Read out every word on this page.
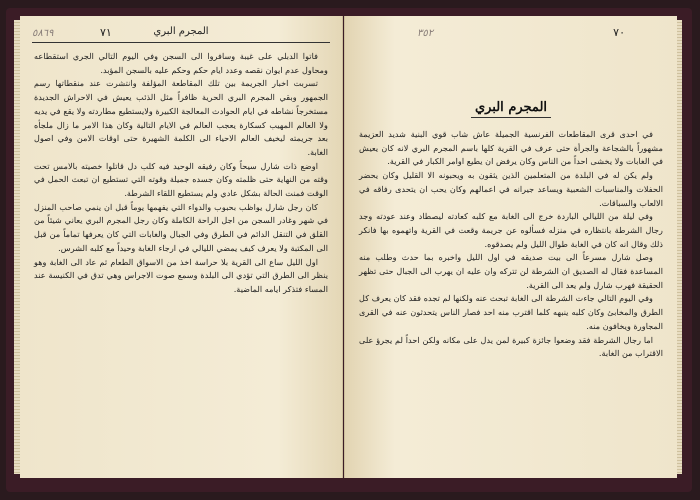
٥٨٦٩	٧١	المجرم البري

فاتوا الدبلي على غيبة وسافروا الى السجن وفي اليوم التالي الجري استقطاعه ومحاول عدم ايوان نقصه وعدد ايام حكم وحكم عليه بالسجن المؤبد.

تسربت اخبار الجريمة بين تلك المقاطعة المؤلفة وانتشرت عند منقطاتها رسم الجمهور وبقي المجرم البري الحرية ظافراً مثل الذئب يعيش في الاحراش الجديدة مستخرجاً نشاطه في ايام الحوادث المعالجة الكبيرة ولايستطيع مطاردته ولا يقع في يديه ولا العالم المهيب كسكارة يعجب العالم في الايام التالية وكان هذا الامر ما زال ملجأه بعد جريمته ليخيف العالم الاحياء الى الكلمة الشهيرة حتى اوقات الامن وفي اصول الغابة.

اوضع ذات شارل سيحاً وكان رفيقه الوحيد فيه كلب دل قاتلوا خصيته بالامس تحت وقته من النهاية حتى ظلمته وكان جسده جميلة وقوته التي تستطيع ان تبعث الحمل في الوقت فمنت الحالة بشكل عادي ولم يستطيع اللقاء الشرطة.

كان رجل شارل يواظب بحبوب والدواء التي يفهمها يوماً قبل ان ينمي صاحب المنزل في شهر وغادر السجن من اجل الراحة الكاملة وكان رجل المجرم البري يعاني شيئاً من القلق في التنقل الدائم في الطرق وفي الجبال والغابات التي كان يعرفها تماماً من قبل الى المكتبة ولا يعرف كيف يمضي الليالي في ارجاء الغابة وحيداً مع كلبه الشرس.

اول الليل ساع الى القرية بلا حراسة اخذ من الاسواق الطعام ثم عاد الى الغابة وهو ينظر الى الطرق التي تؤدي الى البلدة وسمع صوت الاجراس وهي تدق في الكنيسة عند المساء فتذكر ايامه الماضية.

٣٥٢	٧٠
المجرم البري

في احدى قرى المقاطعات الفرنسية الجميلة عاش شاب قوي البنية شديد العزيمة مشهوراً بالشجاعة والجرأة حتى عرف في القرية كلها باسم المجرم البري لانه كان يعيش في الغابات ولا يخشى احداً من الناس وكان يرفض ان يطيع اوامر الكبار في القرية.

ولم يكن له في البلدة من المتعلمين الذين يثقون به ويحبونه الا القليل وكان يحضر الحفلات والمناسبات الشعبية ويساعد جيرانه في اعمالهم وكان يحب ان يتحدى رفاقه في الالعاب والسباقات.

وفي ليلة من الليالي الباردة خرج الى الغابة مع كلبه كعادته ليصطاد وعند عودته وجد رجال الشرطة بانتظاره في منزله فسألوه عن جريمة وقعت في القرية واتهموه بها فانكر ذلك وقال انه كان في الغابة طوال الليل ولم يصدقوه.

وصل شارل مسرعاً الى بيت صديقه في اول الليل واخبره بما حدث وطلب منه المساعدة فقال له الصديق ان الشرطة لن تتركه وان عليه ان يهرب الى الجبال حتى تظهر الحقيقة فهرب شارل ولم يعد الى القرية.

وفي اليوم التالي جاءت الشرطة الى الغابة تبحث عنه ولكنها لم تجده فقد كان يعرف كل الطرق والمخابئ وكان كلبه ينبهه كلما اقترب منه احد فصار الناس يتحدثون عنه في القرى المجاورة ويخافون منه.

اما رجال الشرطة فقد وضعوا جائزة كبيرة لمن يدل على مكانه ولكن احداً لم يجرؤ على الاقتراب من الغابة.
